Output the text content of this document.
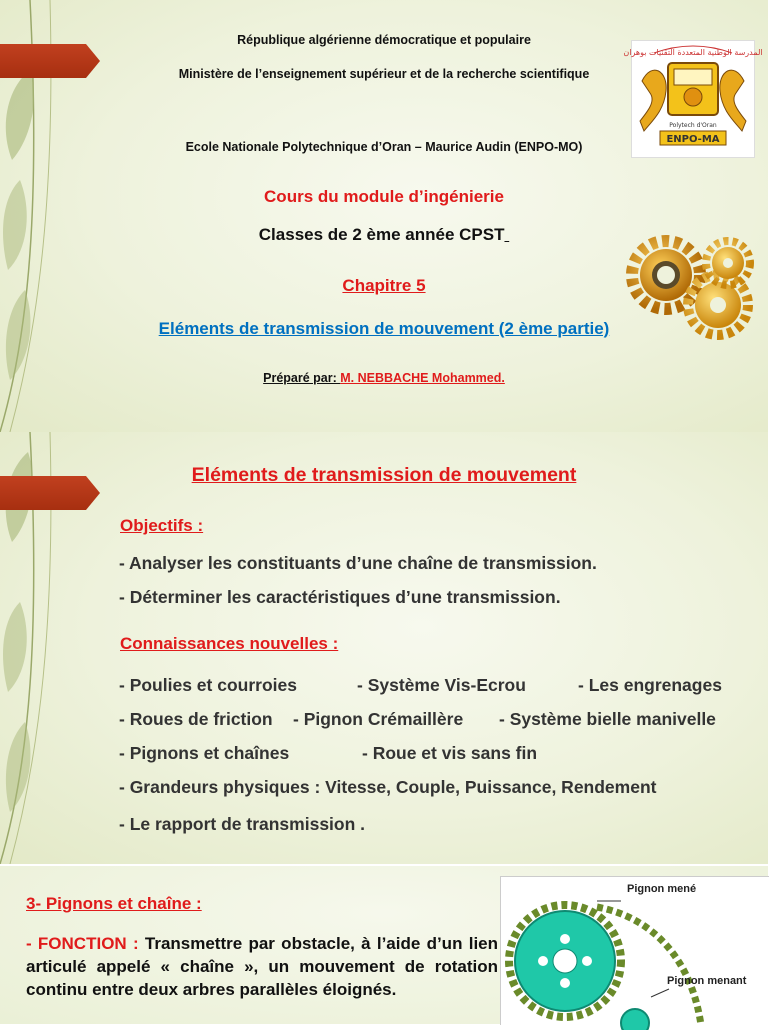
République algérienne démocratique et populaire
Ministère de l’enseignement supérieur et de la recherche scientifique
Ecole Nationale Polytechnique d’Oran – Maurice Audin (ENPO-MO)
المدرسة الوطنية المتعددة التقنيات بوهران
Polytech d'Oran
ENPO-MA
Cours du module d’ingénierie
Classes de 2 ème année CPST
Chapitre 5
Eléments de transmission de mouvement (2 ème partie)
Préparé par: M. NEBBACHE Mohammed.
Eléments de transmission de mouvement
Objectifs :
- Analyser les constituants d’une chaîne de transmission.
- Déterminer les caractéristiques d’une transmission.
Connaissances nouvelles :
- Poulies et courroies	- Système Vis-Ecrou	- Les engrenages
- Roues de friction - Pignon Crémaillère - Système bielle manivelle
- Pignons et chaînes	- Roue et vis sans fin
- Grandeurs physiques : Vitesse, Couple, Puissance, Rendement
- Le rapport de transmission .
3- Pignons et chaîne :
- FONCTION : Transmettre par obstacle, à l’aide d’un lien articulé appelé « chaîne », un mouvement de rotation continu entre deux arbres parallèles éloignés.
Pignon mené
Pignon menant
